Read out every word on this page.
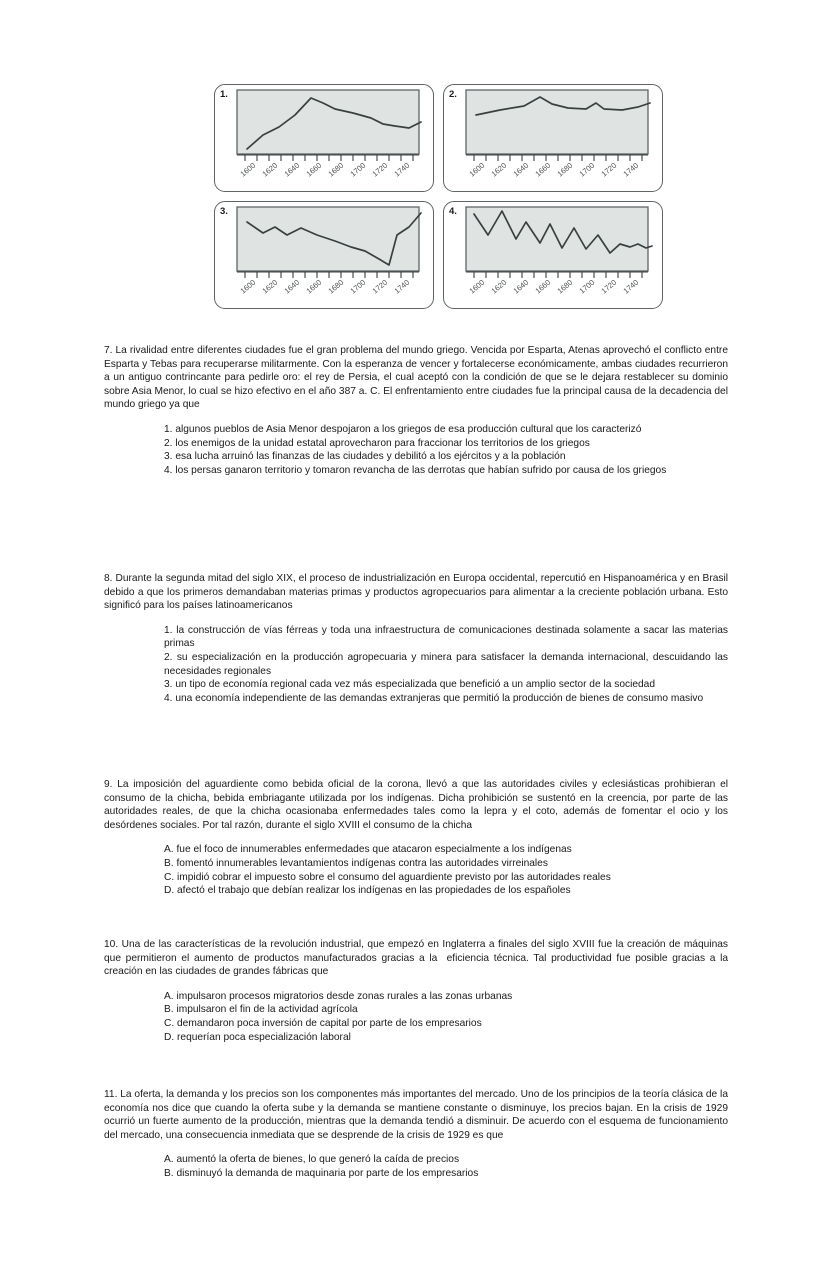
1.
1600 1620 1640 1660 1680 1700 1720 1740
2.
1600 1620 1640 1660 1680 1700 1720 1740
3.
1600 1620 1640 1660 1680 1700 1720 1740
4.
1600 1620 1640 1660 1680 1700 1720 1740

7. La rivalidad entre diferentes ciudades fue el gran problema del mundo griego. Vencida por Esparta, Atenas aprovechó el conflicto entre Esparta y Tebas para recuperarse militarmente. Con la esperanza de vencer y fortalecerse económicamente, ambas ciudades recurrieron a un antiguo contrincante para pedirle oro: el rey de Persia, el cual aceptó con la condición de que se le dejara restablecer su dominio sobre Asia Menor, lo cual se hizo efectivo en el año 387 a. C. El enfrentamiento entre ciudades fue la principal causa de la decadencia del mundo griego ya que

1. algunos pueblos de Asia Menor despojaron a los griegos de esa producción cultural que los caracterizó

2. los enemigos de la unidad estatal aprovecharon para fraccionar los territorios de los griegos

3. esa lucha arruinó las finanzas de las ciudades y debilitó a los ejércitos y a la población

4. los persas ganaron territorio y tomaron revancha de las derrotas que habían sufrido por causa de los griegos

8. Durante la segunda mitad del siglo XIX, el proceso de industrialización en Europa occidental, repercutió en Hispanoamérica y en Brasil debido a que los primeros demandaban materias primas y productos agropecuarios para alimentar a la creciente población urbana. Esto significó para los países latinoamericanos

1. la construcción de vías férreas y toda una infraestructura de comunicaciones destinada solamente a sacar las materias primas

2. su especialización en la producción agropecuaria y minera para satisfacer la demanda internacional, descuidando las necesidades regionales

3. un tipo de economía regional cada vez más especializada que benefició a un amplio sector de la sociedad

4. una economía independiente de las demandas extranjeras que permitió la producción de bienes de consumo masivo

9. La imposición del aguardiente como bebida oficial de la corona, llevó a que las autoridades civiles y eclesiásticas prohibieran el consumo de la chicha, bebida embriagante utilizada por los indígenas. Dicha prohibición se sustentó en la creencia, por parte de las autoridades reales, de que la chicha ocasionaba enfermedades tales como la lepra y el coto, además de fomentar el ocio y los desórdenes sociales. Por tal razón, durante el siglo XVIII el consumo de la chicha

A. fue el foco de innumerables enfermedades que atacaron especialmente a los indígenas

B. fomentó innumerables levantamientos indígenas contra las autoridades virreinales

C. impidió cobrar el impuesto sobre el consumo del aguardiente previsto por las autoridades reales

D. afectó el trabajo que debían realizar los indígenas en las propiedades de los españoles

10. Una de las características de la revolución industrial, que empezó en Inglaterra a finales del siglo XVIII fue la creación de máquinas que permitieron el aumento de productos manufacturados gracias a la  eficiencia técnica. Tal productividad fue posible gracias a la creación en las ciudades de grandes fábricas que

A. impulsaron procesos migratorios desde zonas rurales a las zonas urbanas

B. impulsaron el fin de la actividad agrícola

C. demandaron poca inversión de capital por parte de los empresarios

D. requerían poca especialización laboral

11. La oferta, la demanda y los precios son los componentes más importantes del mercado. Uno de los principios de la teoría clásica de la economía nos dice que cuando la oferta sube y la demanda se mantiene constante o disminuye, los precios bajan. En la crisis de 1929 ocurrió un fuerte aumento de la producción, mientras que la demanda tendió a disminuir. De acuerdo con el esquema de funcionamiento del mercado, una consecuencia inmediata que se desprende de la crisis de 1929 es que

A. aumentó la oferta de bienes, lo que generó la caída de precios

B. disminuyó la demanda de maquinaria por parte de los empresarios
